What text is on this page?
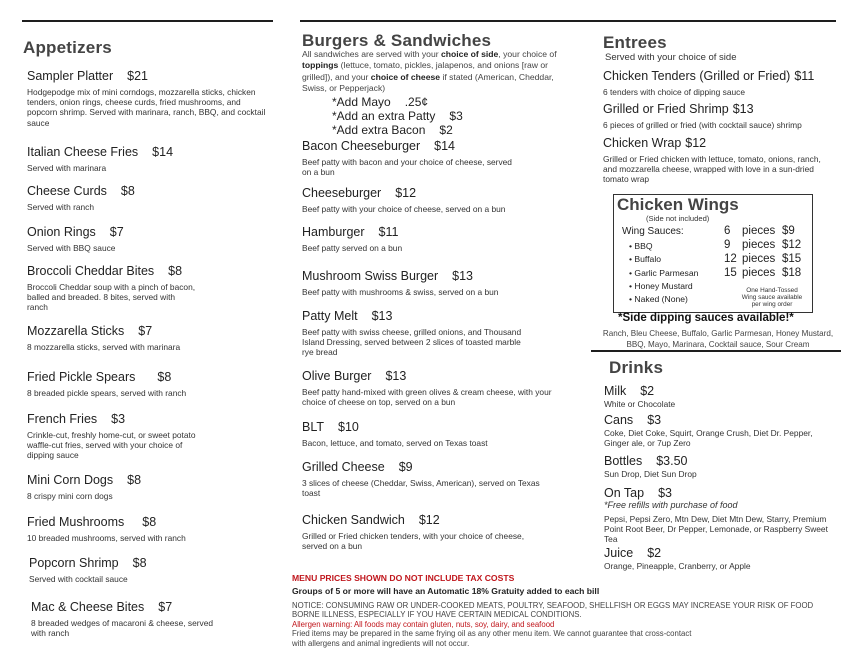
Appetizers
Sampler Platter $21
Hodgepodge mix of mini corndogs, mozzarella sticks, chicken tenders, onion rings, cheese curds, fried mushrooms, and popcorn shrimp. Served with marinara, ranch, BBQ, and cocktail sauce
Italian Cheese Fries $14
Served with marinara
Cheese Curds $8
Served with ranch
Onion Rings $7
Served with BBQ sauce
Broccoli Cheddar Bites $8
Broccoli Cheddar soup with a pinch of bacon, balled and breaded. 8 bites, served with ranch
Mozzarella Sticks $7
8 mozzarella sticks, served with marinara
Fried Pickle Spears $8
8 breaded pickle spears, served with ranch
French Fries $3
Crinkle-cut, freshly home-cut, or sweet potato waffle-cut fries, served with your choice of dipping sauce
Mini Corn Dogs $8
8 crispy mini corn dogs
Fried Mushrooms $8
10 breaded mushrooms, served with ranch
Popcorn Shrimp $8
Served with cocktail sauce
Mac & Cheese Bites $7
8 breaded wedges of macaroni & cheese, served with ranch
Burgers & Sandwiches
All sandwiches are served with your choice of side, your choice of toppings (lettuce, tomato, pickles, jalapenos, and onions [raw or grilled]), and your choice of cheese if stated (American, Cheddar, Swiss, or Pepperjack)
*Add Mayo .25¢
*Add an extra Patty $3
*Add extra Bacon $2
Bacon Cheeseburger $14
Beef patty with bacon and your choice of cheese, served on a bun
Cheeseburger $12
Beef patty with your choice of cheese, served on a bun
Hamburger $11
Beef patty served on a bun
Mushroom Swiss Burger $13
Beef patty with mushrooms & swiss, served on a bun
Patty Melt $13
Beef patty with swiss cheese, grilled onions, and Thousand Island Dressing, served between 2 slices of toasted marble rye bread
Olive Burger $13
Beef patty hand-mixed with green olives & cream cheese, with your choice of cheese on top, served on a bun
BLT $10
Bacon, lettuce, and tomato, served on Texas toast
Grilled Cheese $9
3 slices of cheese (Cheddar, Swiss, American), served on Texas toast
Chicken Sandwich $12
Grilled or Fried chicken tenders, with your choice of cheese, served on a bun
MENU PRICES SHOWN DO NOT INCLUDE TAX COSTS
Groups of 5 or more will have an Automatic 18% Gratuity added to each bill
NOTICE: CONSUMING RAW OR UNDER-COOKED MEATS, POULTRY, SEAFOOD, SHELLFISH OR EGGS MAY INCREASE YOUR RISK OF FOOD BORNE ILLNESS, ESPECIALLY IF YOU HAVE CERTAIN MEDICAL CONDITIONS.
Allergen warning: All foods may contain gluten, nuts, soy, dairy, and seafood
Fried items may be prepared in the same frying oil as any other menu item. We cannot guarantee that cross-contact with allergens and animal ingredients will not occur.
Entrees
Served with your choice of side
Chicken Tenders (Grilled or Fried) $11
6 tenders with choice of dipping sauce
Grilled or Fried Shrimp $13
6 pieces of grilled or fried (with cocktail sauce) shrimp
Chicken Wrap $12
Grilled or Fried chicken with lettuce, tomato, onions, ranch, and mozzarella cheese, wrapped with love in a sun-dried tomato wrap
Chicken Wings
(Side not included)
Wing Sauces:
• BBQ
• Buffalo
• Garlic Parmesan
• Honey Mustard
• Naked (None)
6 pieces $9
9 pieces $12
12 pieces $15
15 pieces $18
One Hand-Tossed
Wing sauce available
per wing order
*Side dipping sauces available!*
Ranch, Bleu Cheese, Buffalo, Garlic Parmesan, Honey Mustard, BBQ, Mayo, Marinara, Cocktail sauce, Sour Cream
Drinks
Milk $2
White or Chocolate
Cans $3
Coke, Diet Coke, Squirt, Orange Crush, Diet Dr. Pepper, Ginger ale, or 7up Zero
Bottles $3.50
Sun Drop, Diet Sun Drop
On Tap $3
*Free refills with purchase of food
Pepsi, Pepsi Zero, Mtn Dew, Diet Mtn Dew, Starry, Premium Point Root Beer, Dr Pepper, Lemonade, or Raspberry Sweet Tea
Juice $2
Orange, Pineapple, Cranberry, or Apple
